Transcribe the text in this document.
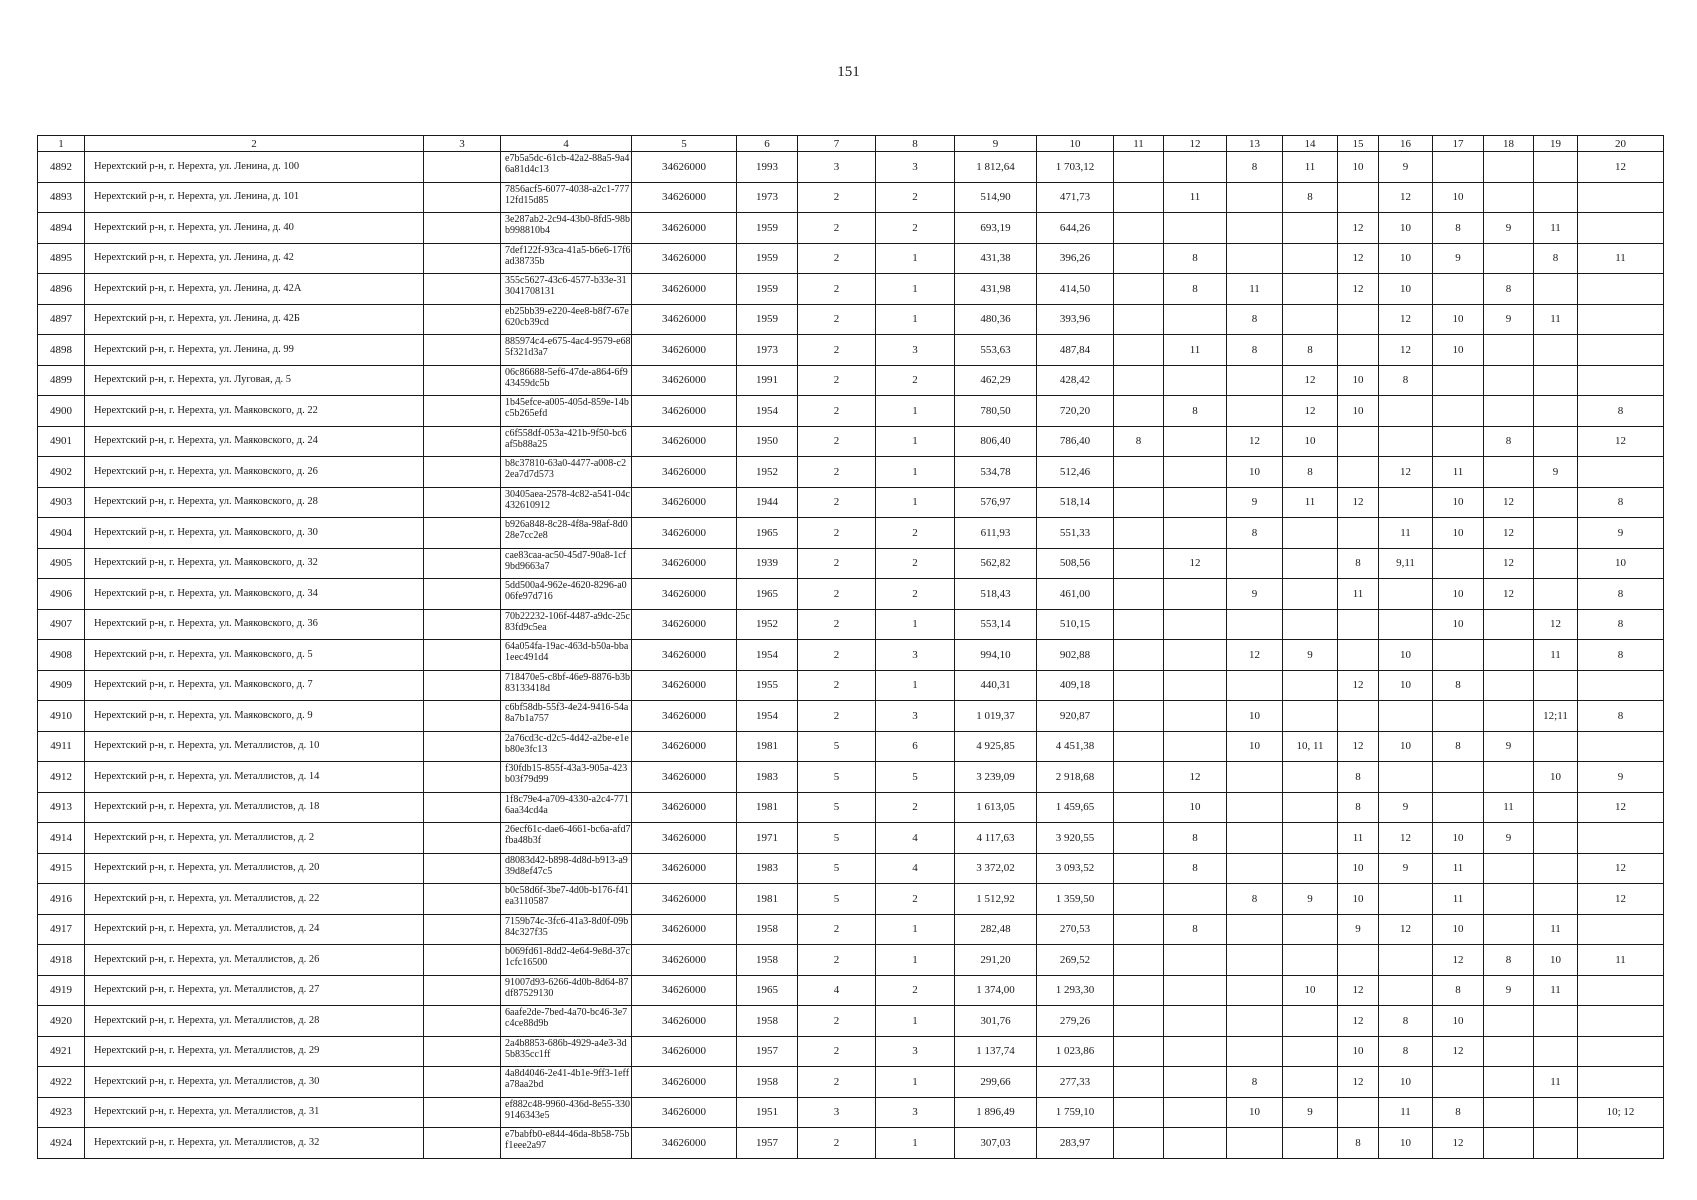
151
1	2	3	4	5	6	7	8	9	10	11	12	13	14	15	16	17	18	19	20
4892	Нерехтский р-н, г. Нерехта, ул. Ленина, д. 100		e7b5a5dc-61cb-42a2-88a5-9a46a81d4c13	34626000	1993	3	3	1 812,64	1 703,12			8	11	10	9				12
4893	Нерехтский р-н, г. Нерехта, ул. Ленина, д. 101		7856acf5-6077-4038-a2c1-77712fd15d85	34626000	1973	2	2	514,90	471,73		11		8		12	10			
4894	Нерехтский р-н, г. Нерехта, ул. Ленина, д. 40		3e287ab2-2c94-43b0-8fd5-98bb998810b4	34626000	1959	2	2	693,19	644,26					12	10	8	9	11	
4895	Нерехтский р-н, г. Нерехта, ул. Ленина, д. 42		7def122f-93ca-41a5-b6e6-17f6ad38735b	34626000	1959	2	1	431,38	396,26		8			12	10	9		8	11
4896	Нерехтский р-н, г. Нерехта, ул. Ленина, д. 42А		355c5627-43c6-4577-b33e-313041708131	34626000	1959	2	1	431,98	414,50		8	11		12	10		8		
4897	Нерехтский р-н, г. Нерехта, ул. Ленина, д. 42Б		eb25bb39-e220-4ee8-b8f7-67e620cb39cd	34626000	1959	2	1	480,36	393,96			8			12	10	9	11	
4898	Нерехтский р-н, г. Нерехта, ул. Ленина, д. 99		885974c4-e675-4ac4-9579-e685f321d3a7	34626000	1973	2	3	553,63	487,84		11	8	8		12	10			
4899	Нерехтский р-н, г. Нерехта, ул. Луговая, д. 5		06c86688-5ef6-47de-a864-6f943459dc5b	34626000	1991	2	2	462,29	428,42				12	10	8				
4900	Нерехтский р-н, г. Нерехта, ул. Маяковского, д. 22		1b45efce-a005-405d-859e-14bc5b265efd	34626000	1954	2	1	780,50	720,20		8		12	10					8
4901	Нерехтский р-н, г. Нерехта, ул. Маяковского, д. 24		c6f558df-053a-421b-9f50-bc6af5b88a25	34626000	1950	2	1	806,40	786,40	8		12	10				8		12
4902	Нерехтский р-н, г. Нерехта, ул. Маяковского, д. 26		b8c37810-63a0-4477-a008-c22ea7d7d573	34626000	1952	2	1	534,78	512,46			10	8		12	11		9	
4903	Нерехтский р-н, г. Нерехта, ул. Маяковского, д. 28		30405aea-2578-4c82-a541-04c432610912	34626000	1944	2	1	576,97	518,14			9	11	12		10	12		8
4904	Нерехтский р-н, г. Нерехта, ул. Маяковского, д. 30		b926a848-8c28-4f8a-98af-8d028e7cc2e8	34626000	1965	2	2	611,93	551,33			8			11	10	12		9
4905	Нерехтский р-н, г. Нерехта, ул. Маяковского, д. 32		cae83caa-ac50-45d7-90a8-1cf9bd9663a7	34626000	1939	2	2	562,82	508,56		12			8	9,11		12		10
4906	Нерехтский р-н, г. Нерехта, ул. Маяковского, д. 34		5dd500a4-962e-4620-8296-a006fe97d716	34626000	1965	2	2	518,43	461,00			9		11		10	12		8
4907	Нерехтский р-н, г. Нерехта, ул. Маяковского, д. 36		70b22232-106f-4487-a9dc-25c83fd9c5ea	34626000	1952	2	1	553,14	510,15							10		12	8
4908	Нерехтский р-н, г. Нерехта, ул. Маяковского, д. 5		64a054fa-19ac-463d-b50a-bba1eec491d4	34626000	1954	2	3	994,10	902,88			12	9		10			11	8
4909	Нерехтский р-н, г. Нерехта, ул. Маяковского, д. 7		718470e5-c8bf-46e9-8876-b3b83133418d	34626000	1955	2	1	440,31	409,18					12	10	8			
4910	Нерехтский р-н, г. Нерехта, ул. Маяковского, д. 9		c6bf58db-55f3-4e24-9416-54a8a7b1a757	34626000	1954	2	3	1 019,37	920,87			10						12;11	8
4911	Нерехтский р-н, г. Нерехта, ул. Металлистов, д. 10		2a76cd3c-d2c5-4d42-a2be-e1eb80e3fc13	34626000	1981	5	6	4 925,85	4 451,38			10	10, 11	12	10	8	9		
4912	Нерехтский р-н, г. Нерехта, ул. Металлистов, д. 14		f30fdb15-855f-43a3-905a-423b03f79d99	34626000	1983	5	5	3 239,09	2 918,68		12			8				10	9
4913	Нерехтский р-н, г. Нерехта, ул. Металлистов, д. 18		1f8c79e4-a709-4330-a2c4-7716aa34cd4a	34626000	1981	5	2	1 613,05	1 459,65		10			8	9		11		12
4914	Нерехтский р-н, г. Нерехта, ул. Металлистов, д. 2		26ecf61c-dae6-4661-bc6a-afd7fba48b3f	34626000	1971	5	4	4 117,63	3 920,55		8			11	12	10	9		
4915	Нерехтский р-н, г. Нерехта, ул. Металлистов, д. 20		d8083d42-b898-4d8d-b913-a939d8ef47c5	34626000	1983	5	4	3 372,02	3 093,52		8			10	9	11			12
4916	Нерехтский р-н, г. Нерехта, ул. Металлистов, д. 22		b0c58d6f-3be7-4d0b-b176-f41ea3110587	34626000	1981	5	2	1 512,92	1 359,50			8	9	10		11			12
4917	Нерехтский р-н, г. Нерехта, ул. Металлистов, д. 24		7159b74c-3fc6-41a3-8d0f-09b84c327f35	34626000	1958	2	1	282,48	270,53		8			9	12	10		11	
4918	Нерехтский р-н, г. Нерехта, ул. Металлистов, д. 26		b069fd61-8dd2-4e64-9e8d-37c1cfc16500	34626000	1958	2	1	291,20	269,52							12	8	10	11
4919	Нерехтский р-н, г. Нерехта, ул. Металлистов, д. 27		91007d93-6266-4d0b-8d64-87df87529130	34626000	1965	4	2	1 374,00	1 293,30				10	12		8	9	11	
4920	Нерехтский р-н, г. Нерехта, ул. Металлистов, д. 28		6aafe2de-7bed-4a70-bc46-3e7c4ce88d9b	34626000	1958	2	1	301,76	279,26					12	8	10			
4921	Нерехтский р-н, г. Нерехта, ул. Металлистов, д. 29		2a4b8853-686b-4929-a4e3-3d5b835cc1ff	34626000	1957	2	3	1 137,74	1 023,86					10	8	12			
4922	Нерехтский р-н, г. Нерехта, ул. Металлистов, д. 30		4a8d4046-2e41-4b1e-9ff3-1effa78aa2bd	34626000	1958	2	1	299,66	277,33			8		12	10			11	
4923	Нерехтский р-н, г. Нерехта, ул. Металлистов, д. 31		ef882c48-9960-436d-8e55-3309146343e5	34626000	1951	3	3	1 896,49	1 759,10			10	9		11	8			10; 12
4924	Нерехтский р-н, г. Нерехта, ул. Металлистов, д. 32		e7babfb0-e844-46da-8b58-75bf1eee2a97	34626000	1957	2	1	307,03	283,97					8	10	12			
